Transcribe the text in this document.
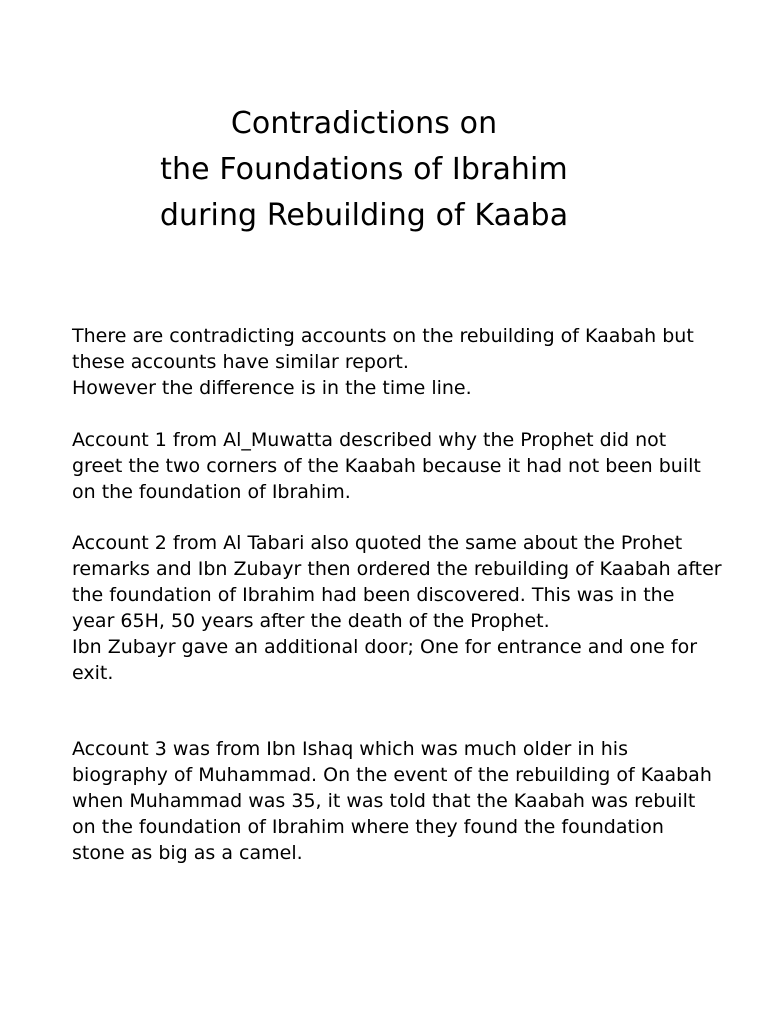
Contradictions on
the Foundations of Ibrahim
during Rebuilding of Kaaba

There are contradicting accounts on the rebuilding of Kaabah but
these accounts have similar report.
However the difference is in the time line.

Account 1 from Al_Muwatta described why the Prophet did not
greet the two corners of the Kaabah because it had not been built
on the foundation of Ibrahim.

Account 2 from Al Tabari also quoted the same about the Prohet
remarks and Ibn Zubayr then ordered the rebuilding of Kaabah after
the foundation of Ibrahim had been discovered. This was in the
year 65H, 50 years after the death of the Prophet.
Ibn Zubayr gave an additional door; One for entrance and one for
exit.

Account 3 was from Ibn Ishaq which was much older in his
biography of Muhammad. On the event of the rebuilding of Kaabah
when Muhammad was 35, it was told that the Kaabah was rebuilt
on the foundation of Ibrahim where they found the foundation
stone as big as a camel.
